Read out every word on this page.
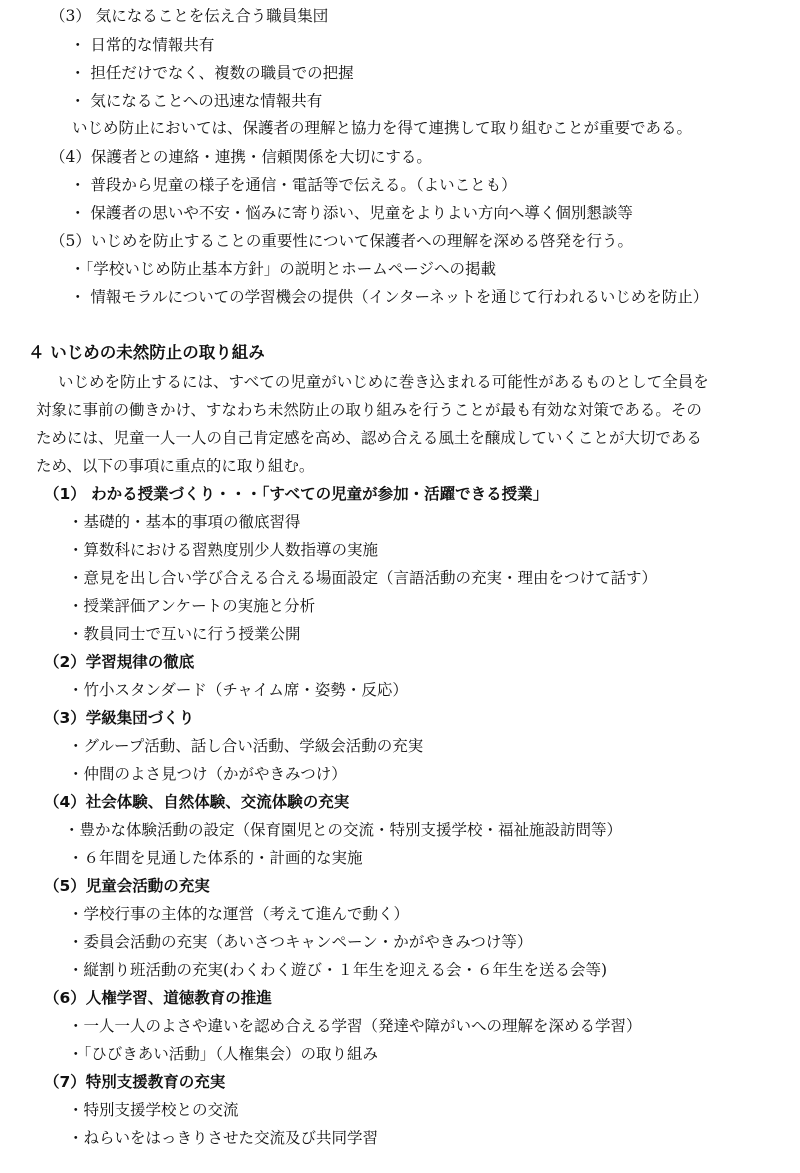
（3） 気になることを伝え合う職員集団
・ 日常的な情報共有
・ 担任だけでなく、複数の職員での把握
・ 気になることへの迅速な情報共有
いじめ防止においては、保護者の理解と協力を得て連携して取り組むことが重要である。
（4）保護者との連絡・連携・信頼関係を大切にする。
・ 普段から児童の様子を通信・電話等で伝える。（よいことも）
・ 保護者の思いや不安・悩みに寄り添い、児童をよりよい方向へ導く個別懇談等
（5）いじめを防止することの重要性について保護者への理解を深める啓発を行う。
・「学校いじめ防止基本方針」の説明とホームページへの掲載
・ 情報モラルについての学習機会の提供（インターネットを通じて行われるいじめを防止）
４ いじめの未然防止の取り組み
いじめを防止するには、すべての児童がいじめに巻き込まれる可能性があるものとして全員を
対象に事前の働きかけ、すなわち未然防止の取り組みを行うことが最も有効な対策である。その
ためには、児童一人一人の自己肯定感を高め、認め合える風土を醸成していくことが大切である
ため、以下の事項に重点的に取り組む。
（1） わかる授業づくり・・・「すべての児童が参加・活躍できる授業」
・基礎的・基本的事項の徹底習得
・算数科における習熟度別少人数指導の実施
・意見を出し合い学び合える合える場面設定（言語活動の充実・理由をつけて話す）
・授業評価アンケートの実施と分析
・教員同士で互いに行う授業公開
（2）学習規律の徹底
・竹小スタンダード（チャイム席・姿勢・反応）
（3）学級集団づくり
・グループ活動、話し合い活動、学級会活動の充実
・仲間のよさ見つけ（かがやきみつけ）
（4）社会体験、自然体験、交流体験の充実
・豊かな体験活動の設定（保育園児との交流・特別支援学校・福祉施設訪問等）
・６年間を見通した体系的・計画的な実施
（5）児童会活動の充実
・学校行事の主体的な運営（考えて進んで動く）
・委員会活動の充実（あいさつキャンペーン・かがやきみつけ等）
・縦割り班活動の充実(わくわく遊び・１年生を迎える会・６年生を送る会等)
（6）人権学習、道徳教育の推進
・一人一人のよさや違いを認め合える学習（発達や障がいへの理解を深める学習）
・「ひびきあい活動」（人権集会）の取り組み
（7）特別支援教育の充実
・特別支援学校との交流
・ねらいをはっきりさせた交流及び共同学習
